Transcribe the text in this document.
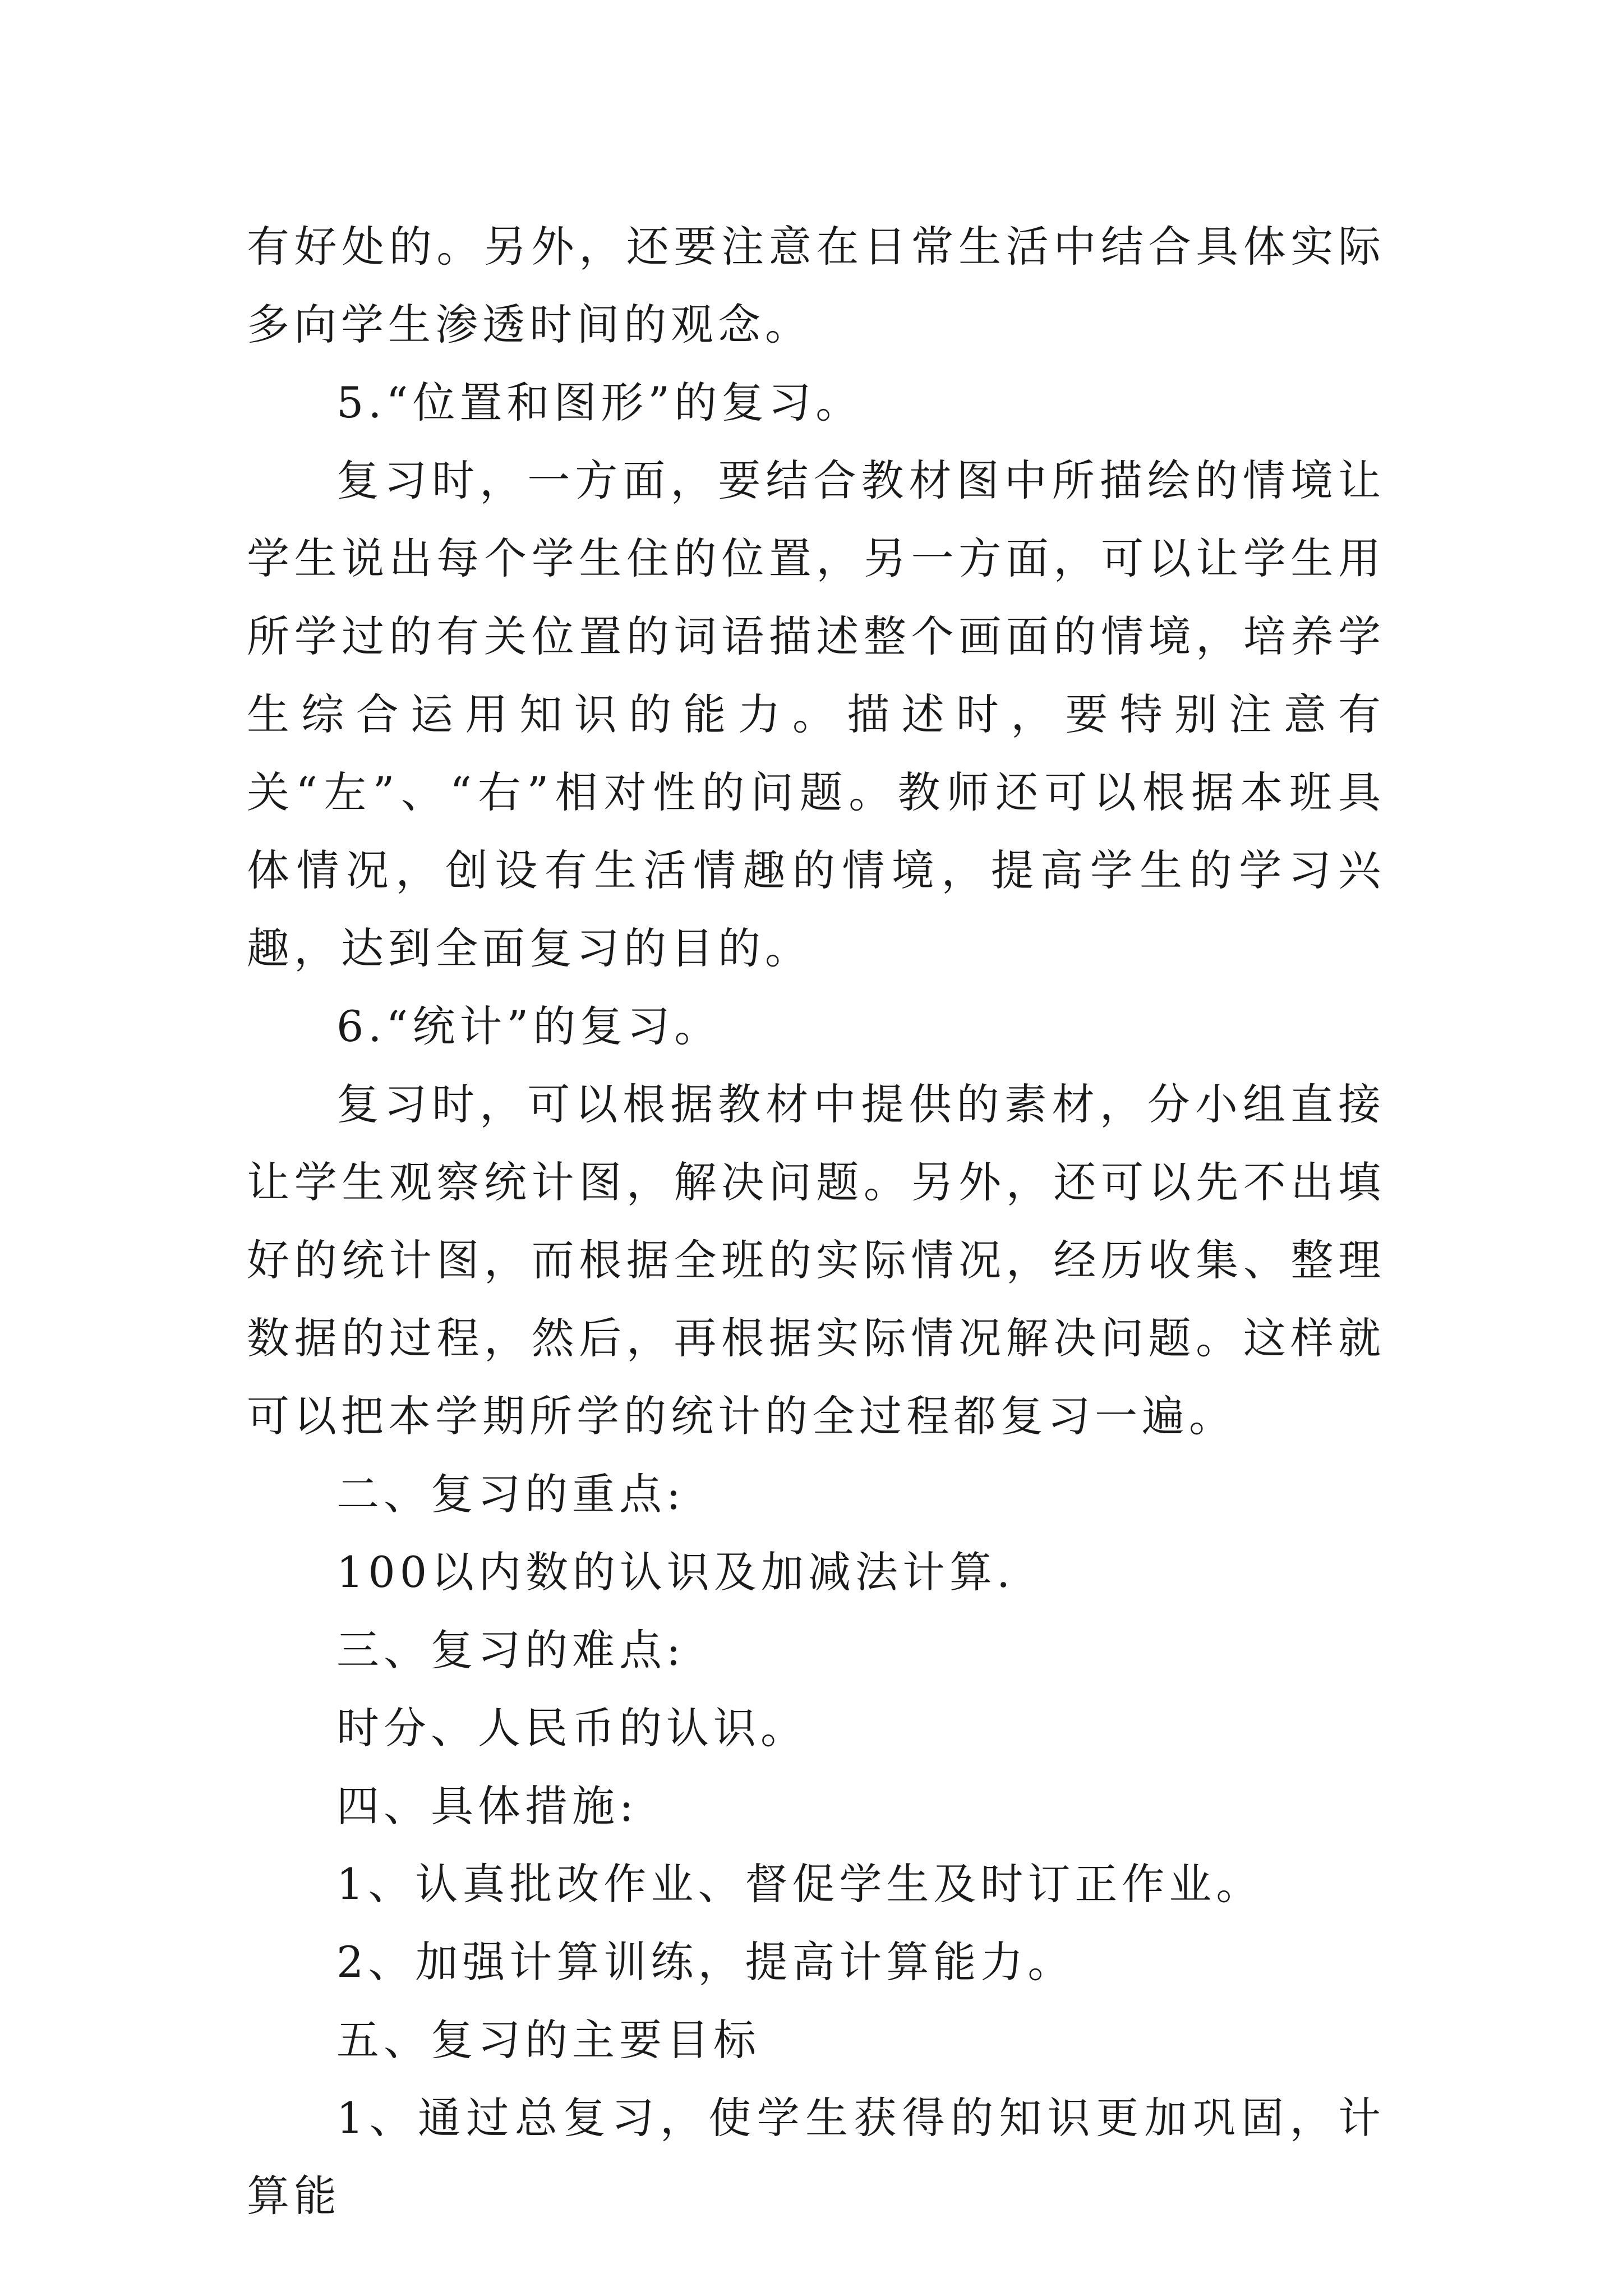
有好处的。另外，还要注意在日常生活中结合具体实际多向学生渗透时间的观念。

5.“位置和图形”的复习。

复习时，一方面，要结合教材图中所描绘的情境让学生说出每个学生住的位置，另一方面，可以让学生用所学过的有关位置的词语描述整个画面的情境，培养学生综合运用知识的能力。描述时，要特别注意有关“左”、“右”相对性的问题。教师还可以根据本班具体情况，创设有生活情趣的情境，提高学生的学习兴趣，达到全面复习的目的。

6.“统计”的复习。

复习时，可以根据教材中提供的素材，分小组直接让学生观察统计图，解决问题。另外，还可以先不出填好的统计图，而根据全班的实际情况，经历收集、整理数据的过程，然后，再根据实际情况解决问题。这样就可以把本学期所学的统计的全过程都复习一遍。

二、复习的重点:

100以内数的认识及加减法计算.

三、复习的难点:

时分、人民币的认识。

四、具体措施:

1、认真批改作业、督促学生及时订正作业。

2、加强计算训练，提高计算能力。

五、复习的主要目标

1、通过总复习，使学生获得的知识更加巩固，计算能
